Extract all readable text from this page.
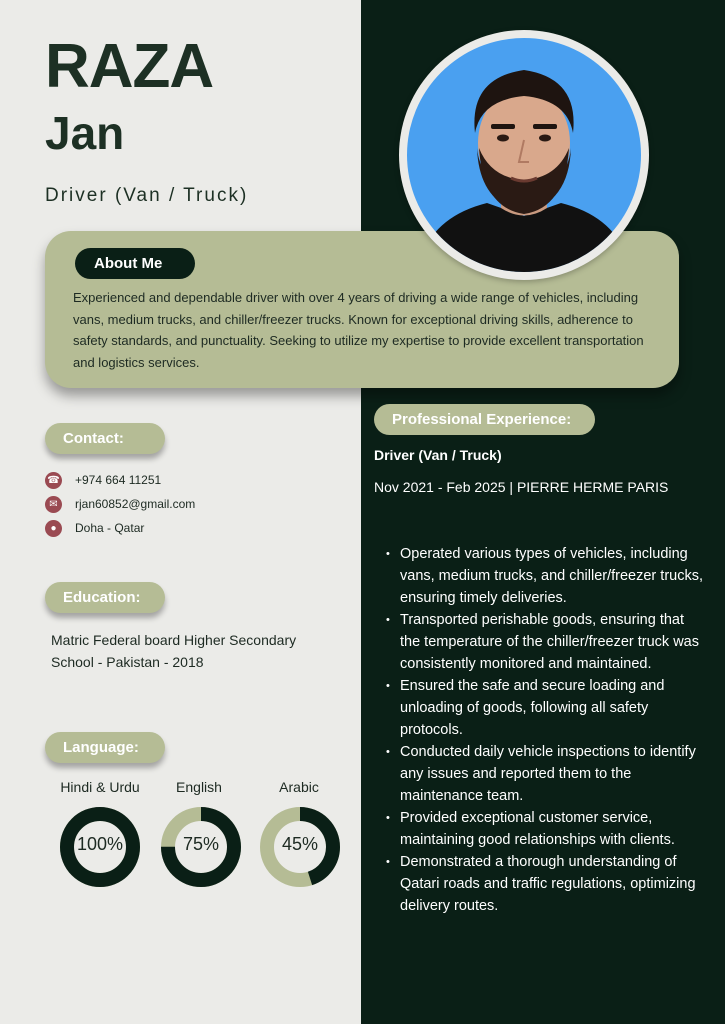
RAZA
Jan

Driver (Van / Truck)

About Me

Experienced and dependable driver with over 4 years of driving a wide range of vehicles, including vans, medium trucks, and chiller/freezer trucks. Known for exceptional driving skills, adherence to safety standards, and punctuality. Seeking to utilize my expertise to provide excellent transportation and logistics services.

Contact:
☎ +974 664 11251
✉	rjan60852@gmail.com
●	Doha - Qatar
Education:

Matric Federal board Higher Secondary School - Pakistan - 2018

Language:
Hindi & Urdu	English	Arabic
100%	75%	45%
Professional Experience:

Driver (Van / Truck)

Nov 2021 - Feb 2025 | PIERRE HERME PARIS

• Operated various types of vehicles, including vans, medium trucks, and chiller/freezer trucks, ensuring timely deliveries.
• Transported perishable goods, ensuring that the temperature of the chiller/freezer truck was consistently monitored and maintained.
• Ensured the safe and secure loading and unloading of goods, following all safety protocols.
• Conducted daily vehicle inspections to identify any issues and reported them to the maintenance team.
• Provided exceptional customer service, maintaining good relationships with clients.
• Demonstrated a thorough understanding of Qatari roads and traffic regulations, optimizing delivery routes.
